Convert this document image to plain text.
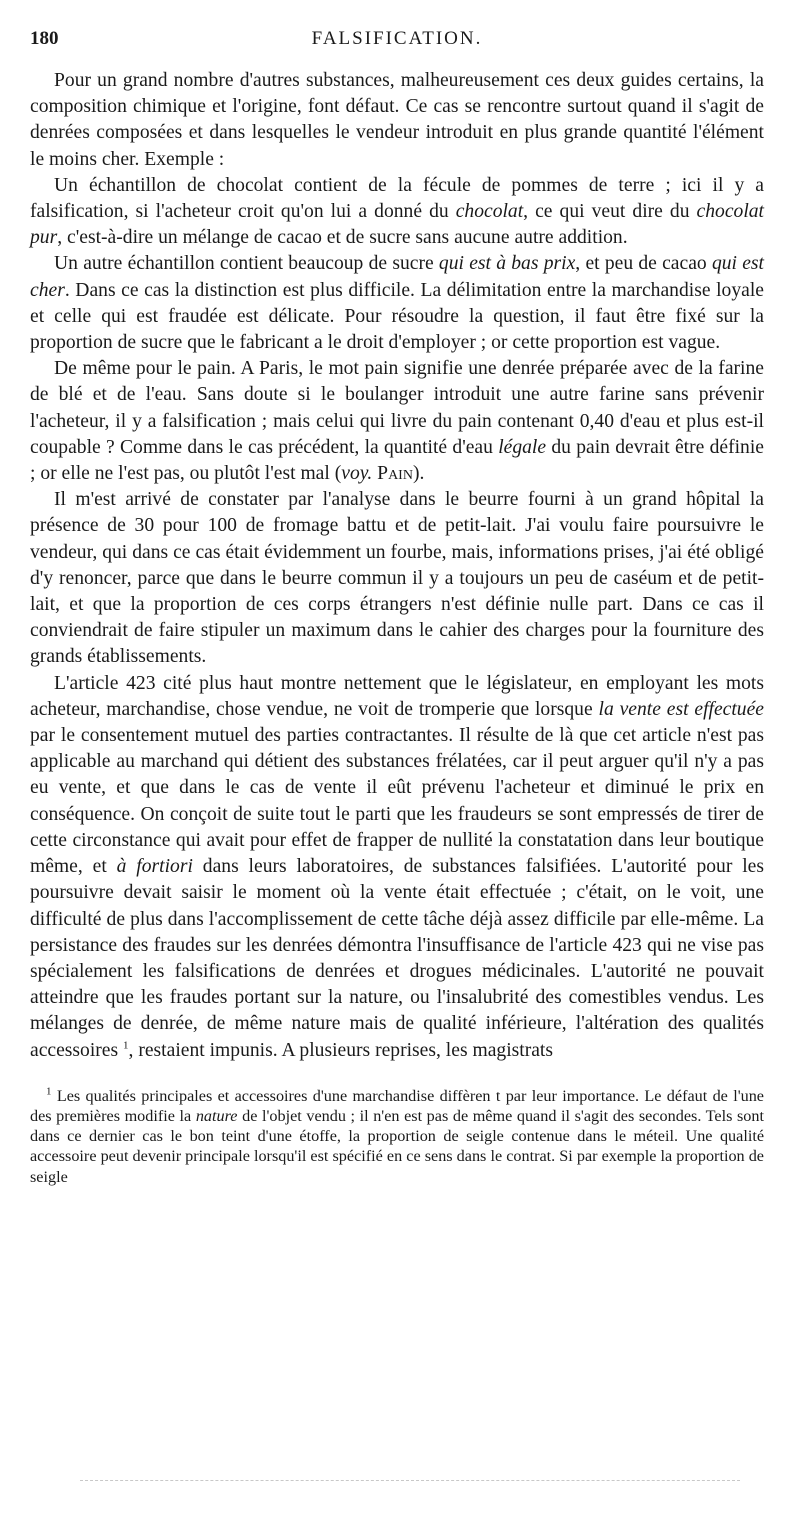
180	FALSIFICATION.

Pour un grand nombre d'autres substances, malheureusement ces deux guides certains, la composition chimique et l'origine, font défaut. Ce cas se rencontre surtout quand il s'agit de denrées composées et dans lesquelles le vendeur introduit en plus grande quantité l'élément le moins cher. Exemple :

Un échantillon de chocolat contient de la fécule de pommes de terre ; ici il y a falsification, si l'acheteur croit qu'on lui a donné du chocolat, ce qui veut dire du chocolat pur, c'est-à-dire un mélange de cacao et de sucre sans aucune autre addition.

Un autre échantillon contient beaucoup de sucre qui est à bas prix, et peu de cacao qui est cher. Dans ce cas la distinction est plus difficile. La délimitation entre la marchandise loyale et celle qui est fraudée est délicate. Pour résoudre la question, il faut être fixé sur la proportion de sucre que le fabricant a le droit d'employer ; or cette proportion est vague.

De même pour le pain. A Paris, le mot pain signifie une denrée préparée avec de la farine de blé et de l'eau. Sans doute si le boulanger introduit une autre farine sans prévenir l'acheteur, il y a falsification ; mais celui qui livre du pain contenant 0,40 d'eau et plus est-il coupable ? Comme dans le cas précédent, la quantité d'eau légale du pain devrait être définie ; or elle ne l'est pas, ou plutôt l'est mal (voy. Pain).

Il m'est arrivé de constater par l'analyse dans le beurre fourni à un grand hôpital la présence de 30 pour 100 de fromage battu et de petit-lait. J'ai voulu faire poursuivre le vendeur, qui dans ce cas était évidemment un fourbe, mais, informations prises, j'ai été obligé d'y renoncer, parce que dans le beurre commun il y a toujours un peu de caséum et de petit-lait, et que la proportion de ces corps étrangers n'est définie nulle part. Dans ce cas il conviendrait de faire stipuler un maximum dans le cahier des charges pour la fourniture des grands établissements.

L'article 423 cité plus haut montre nettement que le législateur, en employant les mots acheteur, marchandise, chose vendue, ne voit de tromperie que lorsque la vente est effectuée par le consentement mutuel des parties contractantes. Il résulte de là que cet article n'est pas applicable au marchand qui détient des substances frélatées, car il peut arguer qu'il n'y a pas eu vente, et que dans le cas de vente il eût prévenu l'acheteur et diminué le prix en conséquence. On conçoit de suite tout le parti que les fraudeurs se sont empressés de tirer de cette circonstance qui avait pour effet de frapper de nullité la constatation dans leur boutique même, et à fortiori dans leurs laboratoires, de substances falsifiées. L'autorité pour les poursuivre devait saisir le moment où la vente était effectuée ; c'était, on le voit, une difficulté de plus dans l'accomplissement de cette tâche déjà assez difficile par elle-même. La persistance des fraudes sur les denrées démontra l'insuffisance de l'article 423 qui ne vise pas spécialement les falsifications de denrées et drogues médicinales. L'autorité ne pouvait atteindre que les fraudes portant sur la nature, ou l'insalubrité des comestibles vendus. Les mélanges de denrée, de même nature mais de qualité inférieure, l'altération des qualités accessoires $^1$, restaient impunis. A plusieurs reprises, les magistrats

$^1$ Les qualités principales et accessoires d'une marchandise diffèren t par leur importance. Le défaut de l'une des premières modifie la nature de l'objet vendu ; il n'en est pas de même quand il s'agit des secondes. Tels sont dans ce dernier cas le bon teint d'une étoffe, la proportion de seigle contenue dans le méteil. Une qualité accessoire peut devenir principale lorsqu'il est spécifié en ce sens dans le contrat. Si par exemple la proportion de seigle
